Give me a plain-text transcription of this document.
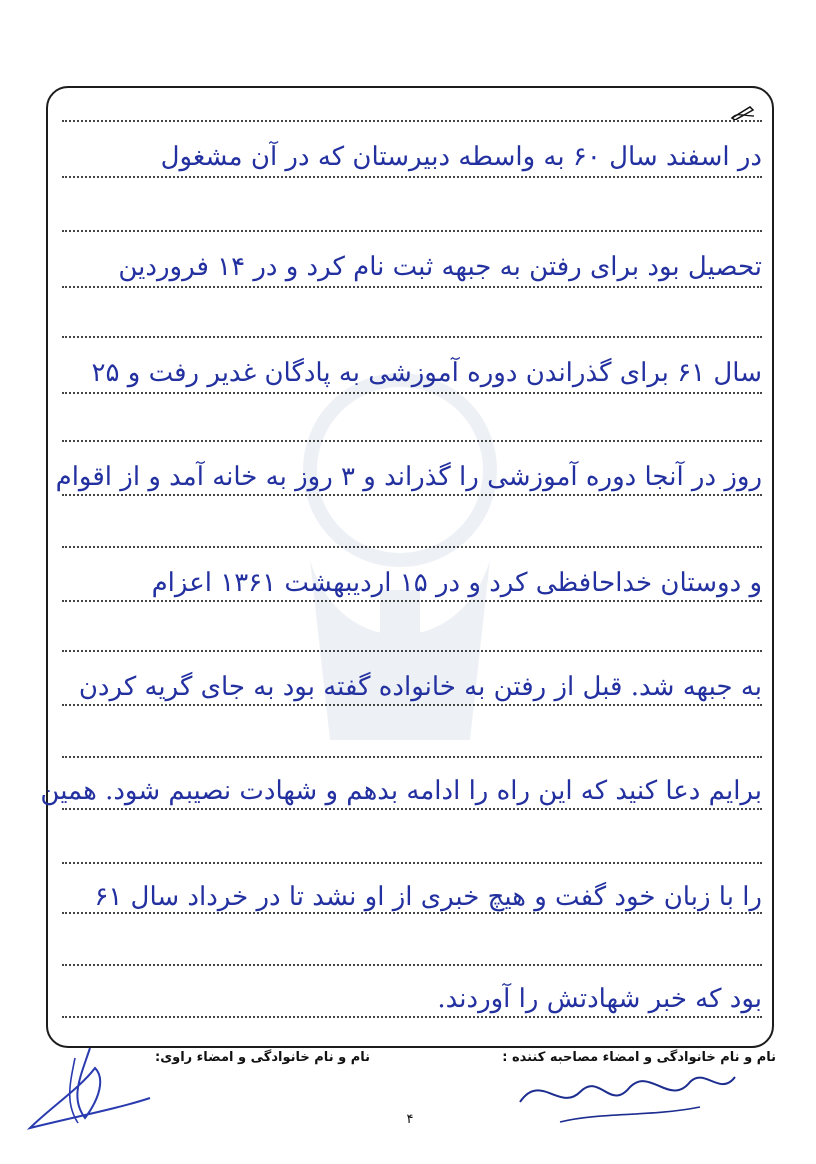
در اسفند سال ۶۰ به واسطه دبیرستان که در آن مشغول
تحصیل بود برای رفتن به جبهه ثبت نام کرد و در ۱۴ فروردین
سال ۶۱ برای گذراندن دوره آموزشی به پادگان غدیر رفت و ۲۵
روز در آنجا دوره آموزشی را گذراند و ۳ روز به خانه آمد و از اقوام
و دوستان خداحافظی کرد و در ۱۵ اردیبهشت ۱۳۶۱ اعزام
به جبهه شد. قبل از رفتن به خانواده گفته بود به جای گریه کردن
برایم دعا کنید که این راه را ادامه بدهم و شهادت نصیبم شود. همین
را با زبان خود گفت و هیچ خبری از او نشد تا در خرداد سال ۶۱
بود که خبر شهادتش را آوردند.
نام و نام خانوادگی و امضاء مصاحبه کننده :
نام و نام خانوادگی و امضاء راوی:
۴
